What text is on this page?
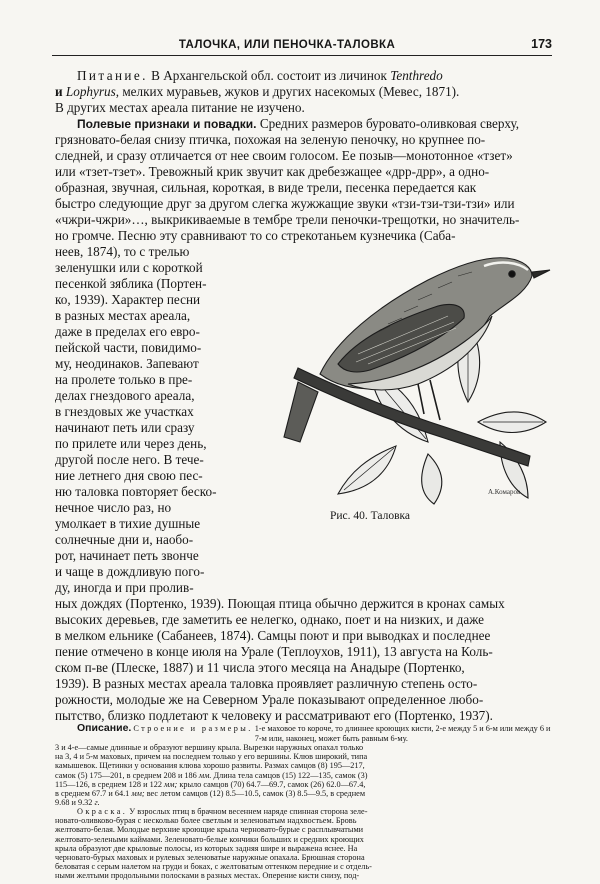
ТАЛОЧКА, ИЛИ ПЕНОЧКА-ТАЛОВКА	173
Питание. В Архангельской обл. состоит из личинок Tenthredo
и Lophyrus, мелких муравьев, жуков и других насекомых (Мевес, 1871).
В других местах ареала питание не изучено.
Полевые признаки и повадки. Средних размеров буровато-оливковая сверху,
грязновато-белая снизу птичка, похожая на зеленую пеночку, но крупнее по-
следней, и сразу отличается от нее своим голосом. Ее позыв—монотонное «тзет»
или «тзет-тзет». Тревожный крик звучит как дребезжащее «дрр-дрр», а одно-
образная, звучная, сильная, короткая, в виде трели, песенка передается как
быстро следующие друг за другом слегка жужжащие звуки «тзи-тзи-тзи-тзи» или
«чжри-чжри»…, выкрикиваемые в тембре трели пеночки-трещотки, но значитель-
но громче. Песню эту сравнивают то со стрекотаньем кузнечика (Саба-
неев, 1874), то с трелью
зеленушки или с короткой
песенкой зяблика (Портен-
ко, 1939). Характер песни
в разных местах ареала,
даже в пределах его евро-
пейской части, повидимо-
му, неодинаков. Запевают
на пролете только в пре-
делах гнездового ареала,
в гнездовых же участках
начинают петь или сразу
по прилете или через день,
другой после него. В тече-
ние летнего дня свою пес-
ню таловка повторяет беско-
нечное число раз, но
умолкает в тихие душные
солнечные дни и, наобо-
рот, начинает петь звонче
и чаще в дождливую пого-
ду, иногда и при пролив-
ных дождях (Портенко, 1939). Поющая птица обычно держится в кронах самых
высоких деревьев, где заметить ее нелегко, однако, поет и на низких, и даже
в мелком ельнике (Сабанеев, 1874). Самцы поют и при выводках и последнее
пение отмечено в конце июля на Урале (Теплоухов, 1911), 13 августа на Коль-
ском п-ве (Плеске, 1887) и 11 числа этого месяца на Анадыре (Портенко,
1939). В разных местах ареала таловка проявляет различную степень осто-
рожности, молодые же на Северном Урале показывают определенное любо-
пытство, близко подлетают к человеку и рассматривают его (Портенко, 1937).
А.Комаров
Рис. 40. Таловка
Описание. Строение и размеры. 1-е маховое то короче, то длиннее кроющих кисти, 2-е между 5 и 6-м или между 6 и 7-м или, наконец, может быть равным 6-му.
3 и 4-е—самые длинные и образуют вершину крыла. Вырезки наружных опахал только
на 3, 4 и 5-м маховых, причем на последнем только у его вершины. Клюв широкий, типа
камышевок. Щетинки у основания клюва хорошо развиты. Размах самцов (8) 195—217,
самок (5) 175—201, в среднем 208 и 186 мм. Длина тела самцов (15) 122—135, самок (3)
115—126, в среднем 128 и 122 мм; крыло самцов (70) 64.7—69.7, самок (26) 62.0—67.4,
в среднем 67.7 и 64.1 мм; вес летом самцов (12) 8.5—10.5, самок (3) 8.5—9.5, в среднем
9.68 и 9.32 г.
Окраска. У взрослых птиц в брачном весеннем наряде спинная сторона зеле-
новато-оливково-бурая с несколько более светлым и зеленоватым надхвостьем. Бровь
желтовато-белая. Молодые верхние кроющие крыла черновато-бурые с расплывчатыми
желтовато-зелеными каймами. Зеленовато-белые кончики больших и средних кроющих
крыла образуют две крыловые полосы, из которых задняя шире и выражена яснее. На
черновато-бурых маховых и рулевых зеленоватые наружные опахала. Брюшная сторона
беловатая с серым налетом на груди и боках, с желтоватым оттенком передние и с отдель-
ными желтыми продольными полосками в разных местах. Оперение кисти снизу, под-
